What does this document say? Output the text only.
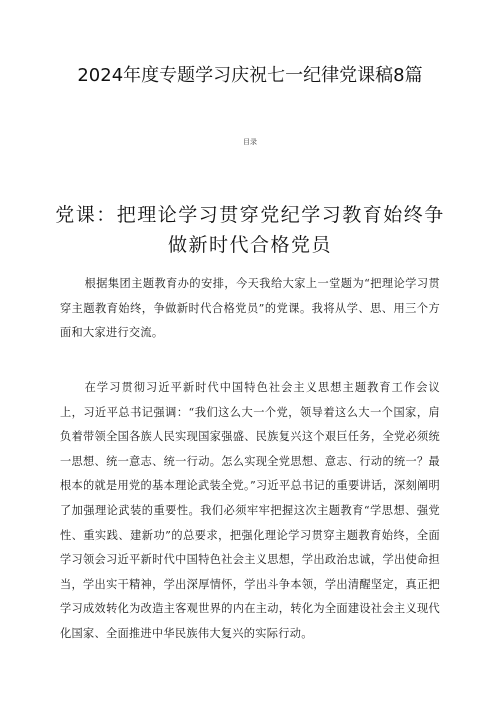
2024年度专题学习庆祝七一纪律党课稿8篇
目录
党课：把理论学习贯穿党纪学习教育始终争做新时代合格党员

根据集团主题教育办的安排，今天我给大家上一堂题为“把理论学习贯穿主题教育始终，争做新时代合格党员”的党课。我将从学、思、用三个方面和大家进行交流。

在学习贯彻习近平新时代中国特色社会主义思想主题教育工作会议上，习近平总书记强调：“我们这么大一个党，领导着这么大一个国家，肩负着带领全国各族人民实现国家强盛、民族复兴这个艰巨任务，全党必须统一思想、统一意志、统一行动。怎么实现全党思想、意志、行动的统一？最根本的就是用党的基本理论武装全党。”习近平总书记的重要讲话，深刻阐明了加强理论武装的重要性。我们必须牢牢把握这次主题教育“学思想、强党性、重实践、建新功”的总要求，把强化理论学习贯穿主题教育始终，全面学习领会习近平新时代中国特色社会主义思想，学出政治忠诚，学出使命担当，学出实干精神，学出深厚情怀，学出斗争本领，学出清醒坚定，真正把学习成效转化为改造主客观世界的内在主动，转化为全面建设社会主义现代化国家、全面推进中华民族伟大复兴的实际行动。
